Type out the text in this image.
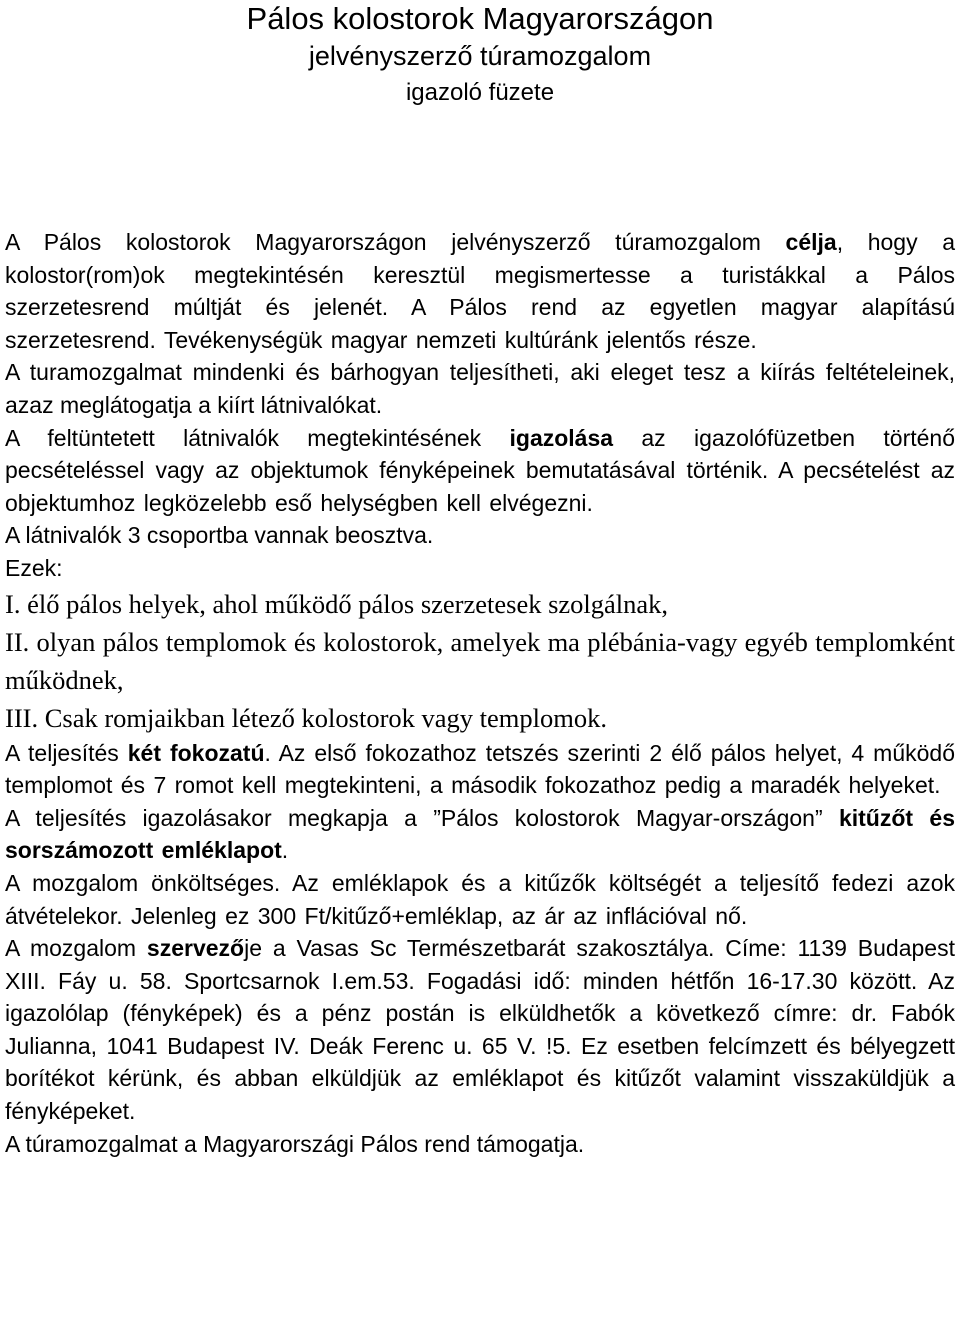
Pálos kolostorok Magyarországon
jelvényszerző túramozgalom
igazoló füzete

A Pálos kolostorok Magyarországon jelvényszerző túramozgalom célja, hogy a kolostor(rom)ok megtekintésén keresztül megismertesse a turistákkal a Pálos szerzetesrend múltját és jelenét. A Pálos rend az egyetlen magyar alapítású szerzetesrend. Tevékenységük magyar nemzeti kultúránk jelentős része.

A turamozgalmat mindenki és bárhogyan teljesítheti, aki eleget tesz a kiírás feltételeinek, azaz meglátogatja a kiírt látnivalókat.

A feltüntetett látnivalók megtekintésének igazolása az igazolófüzetben történő pecsételéssel vagy az objektumok fényképeinek bemutatásával történik. A pecsételést az objektumhoz legközelebb eső helységben kell elvégezni.

A látnivalók 3 csoportba vannak beosztva.

Ezek:

I. élő pálos helyek, ahol működő pálos szerzetesek szolgálnak,

II. olyan pálos templomok és kolostorok, amelyek ma plébánia-vagy egyéb templomként működnek,

III. Csak romjaikban létező kolostorok vagy templomok.

A teljesítés két fokozatú. Az első fokozathoz tetszés szerinti 2 élő pálos helyet, 4 működő templomot és 7 romot kell megtekinteni, a második fokozathoz pedig a maradék helyeket.

A teljesítés igazolásakor megkapja a ”Pálos kolostorok Magyar-országon” kitűzőt és sorszámozott emléklapot.

A mozgalom önköltséges. Az emléklapok és a kitűzők költségét a teljesítő fedezi azok átvételekor. Jelenleg ez 300 Ft/kitűző+emléklap, az ár az inflációval nő.

A mozgalom szervezője a Vasas Sc Természetbarát szakosztálya. Címe: 1139 Budapest XIII. Fáy u. 58. Sportcsarnok I.em.53. Fogadási idő: minden hétfőn 16-17.30 között. Az igazolólap (fényképek) és a pénz postán is elküldhetők a következő címre: dr. Fabók Julianna, 1041 Budapest IV. Deák Ferenc u. 65 V. !5. Ez esetben felcímzett és bélyegzett borítékot kérünk, és abban elküldjük az emléklapot és kitűzőt valamint visszaküldjük a fényképeket.

A túramozgalmat a Magyarországi Pálos rend támogatja.
